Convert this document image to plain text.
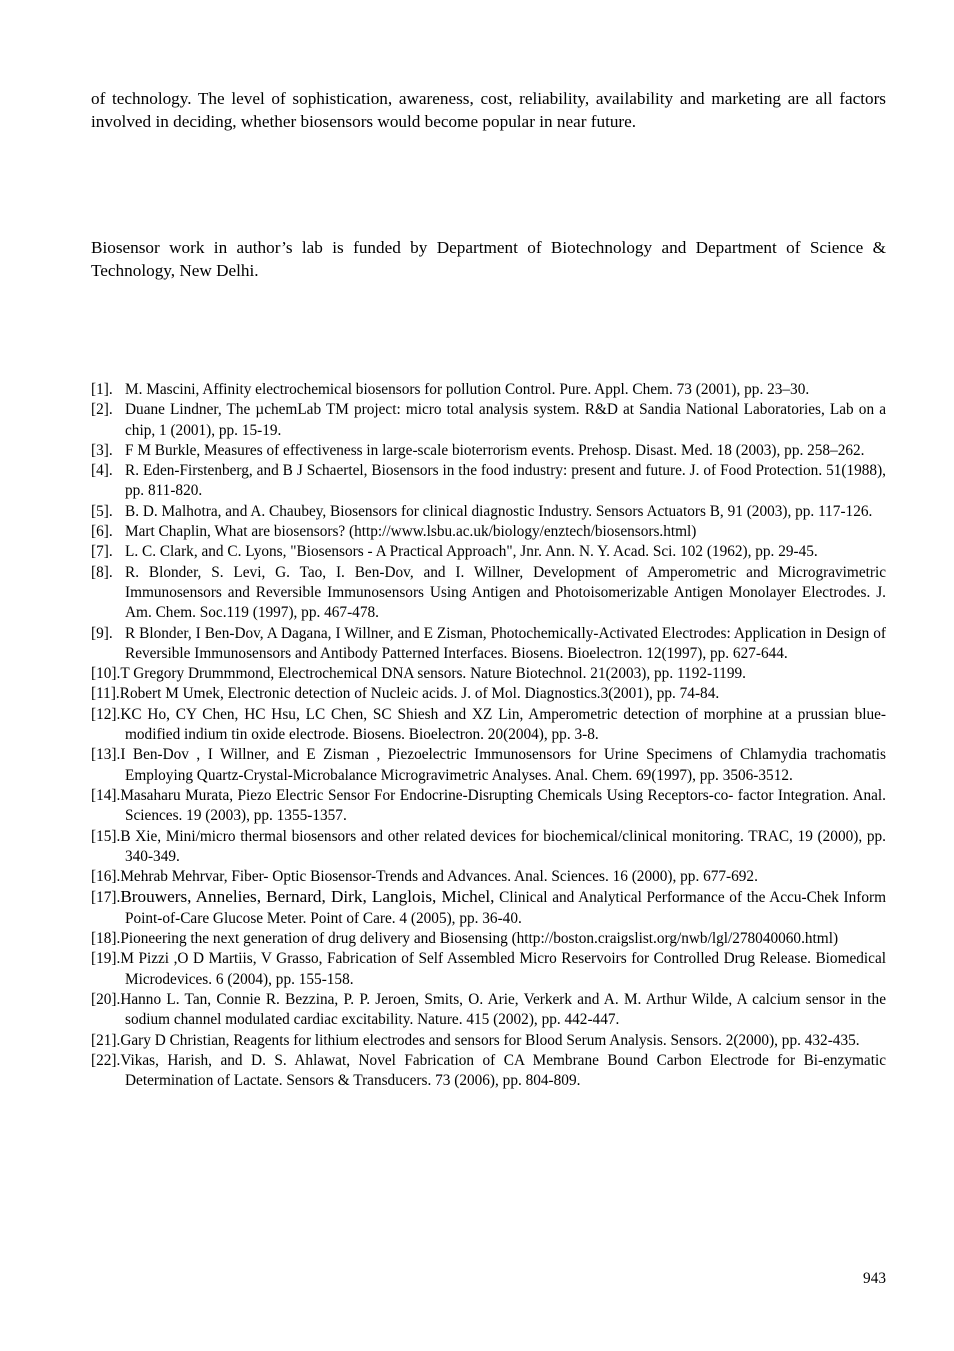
of technology. The level of sophistication, awareness, cost, reliability, availability and marketing are all factors involved in deciding, whether biosensors would become popular in near future.

Biosensor work in author’s lab is funded by Department of Biotechnology and Department of Science & Technology, New Delhi.

[1]. M. Mascini, Affinity electrochemical biosensors for pollution Control. Pure. Appl. Chem. 73 (2001), pp. 23–30.
[2]. Duane Lindner, The µchemLab TM project: micro total analysis system. R&D at Sandia National Laboratories, Lab on a chip, 1 (2001), pp. 15-19.
[3]. F M Burkle, Measures of effectiveness in large-scale bioterrorism events. Prehosp. Disast. Med. 18 (2003), pp. 258–262.
[4]. R. Eden-Firstenberg, and B J Schaertel, Biosensors in the food industry: present and future. J. of Food Protection. 51(1988), pp. 811-820.
[5]. B. D. Malhotra, and A. Chaubey, Biosensors for clinical diagnostic Industry. Sensors Actuators B, 91 (2003), pp. 117-126.
[6]. Mart Chaplin, What are biosensors? (http://www.lsbu.ac.uk/biology/enztech/biosensors.html)
[7]. L. C. Clark, and C. Lyons, "Biosensors - A Practical Approach", Jnr. Ann. N. Y. Acad. Sci. 102 (1962), pp. 29-45.
[8]. R. Blonder, S. Levi, G. Tao, I. Ben-Dov, and I. Willner, Development of Amperometric and Microgravimetric Immunosensors and Reversible Immunosensors Using Antigen and Photoisomerizable Antigen Monolayer Electrodes. J. Am. Chem. Soc.119 (1997), pp. 467-478.
[9]. R Blonder, I Ben-Dov, A Dagana, I Willner, and E Zisman, Photochemically-Activated Electrodes: Application in Design of Reversible Immunosensors and Antibody Patterned Interfaces. Biosens. Bioelectron. 12(1997), pp. 627-644.
[10].T Gregory Drummmond, Electrochemical DNA sensors. Nature Biotechnol. 21(2003), pp. 1192-1199.
[11].Robert M Umek, Electronic detection of Nucleic acids. J. of Mol. Diagnostics.3(2001), pp. 74-84.
[12].KC Ho, CY Chen, HC Hsu, LC Chen, SC Shiesh and XZ Lin, Amperometric detection of morphine at a prussian blue- modified indium tin oxide electrode. Biosens. Bioelectron. 20(2004), pp. 3-8.
[13].I Ben-Dov , I Willner, and E Zisman , Piezoelectric Immunosensors for Urine Specimens of Chlamydia trachomatis Employing Quartz-Crystal-Microbalance Microgravimetric Analyses. Anal. Chem. 69(1997), pp. 3506-3512.
[14].Masaharu Murata, Piezo Electric Sensor For Endocrine-Disrupting Chemicals Using Receptors-co- factor Integration. Anal. Sciences. 19 (2003), pp. 1355-1357.
[15].B Xie, Mini/micro thermal biosensors and other related devices for biochemical/clinical monitoring. TRAC, 19 (2000), pp. 340-349.
[16].Mehrab Mehrvar, Fiber- Optic Biosensor-Trends and Advances. Anal. Sciences. 16 (2000), pp. 677-692.
[17].Brouwers, Annelies, Bernard, Dirk, Langlois, Michel, Clinical and Analytical Performance of the Accu-Chek Inform Point-of-Care Glucose Meter. Point of Care. 4 (2005), pp. 36-40.
[18].Pioneering the next generation of drug delivery and Biosensing (http://boston.craigslist.org/nwb/lgl/278040060.html)
[19].M Pizzi ,O D Martiis, V Grasso, Fabrication of Self Assembled Micro Reservoirs for Controlled Drug Release. Biomedical Microdevices. 6 (2004), pp. 155-158.
[20].Hanno L. Tan, Connie R. Bezzina, P. P. Jeroen, Smits, O. Arie, Verkerk and A. M. Arthur Wilde, A calcium sensor in the sodium channel modulated cardiac excitability. Nature. 415 (2002), pp. 442-447.
[21].Gary D Christian, Reagents for lithium electrodes and sensors for Blood Serum Analysis. Sensors. 2(2000), pp. 432-435.
[22].Vikas, Harish, and D. S. Ahlawat, Novel Fabrication of CA Membrane Bound Carbon Electrode for Bi-enzymatic Determination of Lactate. Sensors & Transducers. 73 (2006), pp. 804-809.
943
